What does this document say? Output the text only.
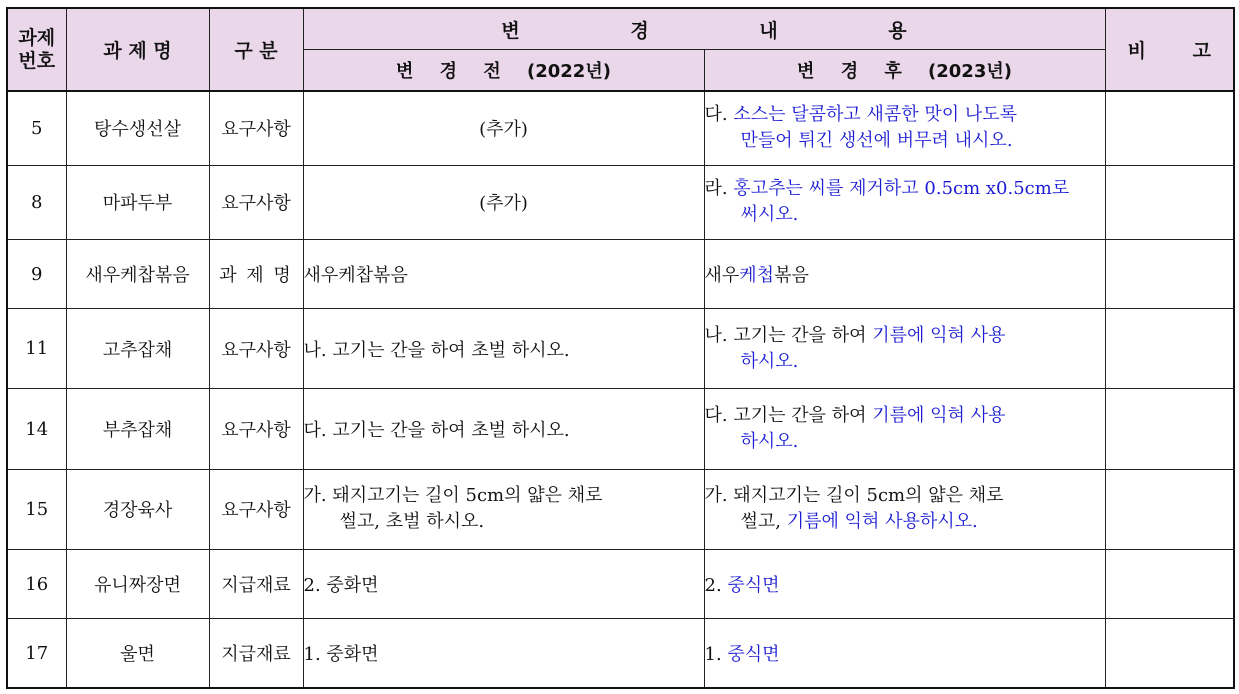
과제
번호	과 제 명	구 분	변 경 내 용		비 고
			변 경 전 (2022년)	변 경 후 (2023년)	
5	탕수생선살	요구사항	(추가)	다. 소스는 달콤하고 새콤한 맛이 나도록
만들어 튀긴 생선에 버무려 내시오.	

8	마파두부	요구사항	(추가)	라. 홍고추는 씨를 제거하고 0.5cm x0.5cm로
써시오.	

9	새우케찹볶음	과 제 명	새우케찹볶음	새우케첩볶음	
11	고추잡채	요구사항	나. 고기는 간을 하여 초벌 하시오.	나. 고기는 간을 하여 기름에 익혀 사용
하시오.	

14	부추잡채	요구사항	다. 고기는 간을 하여 초벌 하시오.	다. 고기는 간을 하여 기름에 익혀 사용
하시오.	

15	경장육사	요구사항	가. 돼지고기는 길이 5cm의 얇은 채로
썰고, 초벌 하시오.	가. 돼지고기는 길이 5cm의 얇은 채로
썰고, 기름에 익혀 사용하시오.	

16	유니짜장면	지급재료	2. 중화면	2. 중식면	
17	울면	지급재료	1. 중화면	1. 중식면	
